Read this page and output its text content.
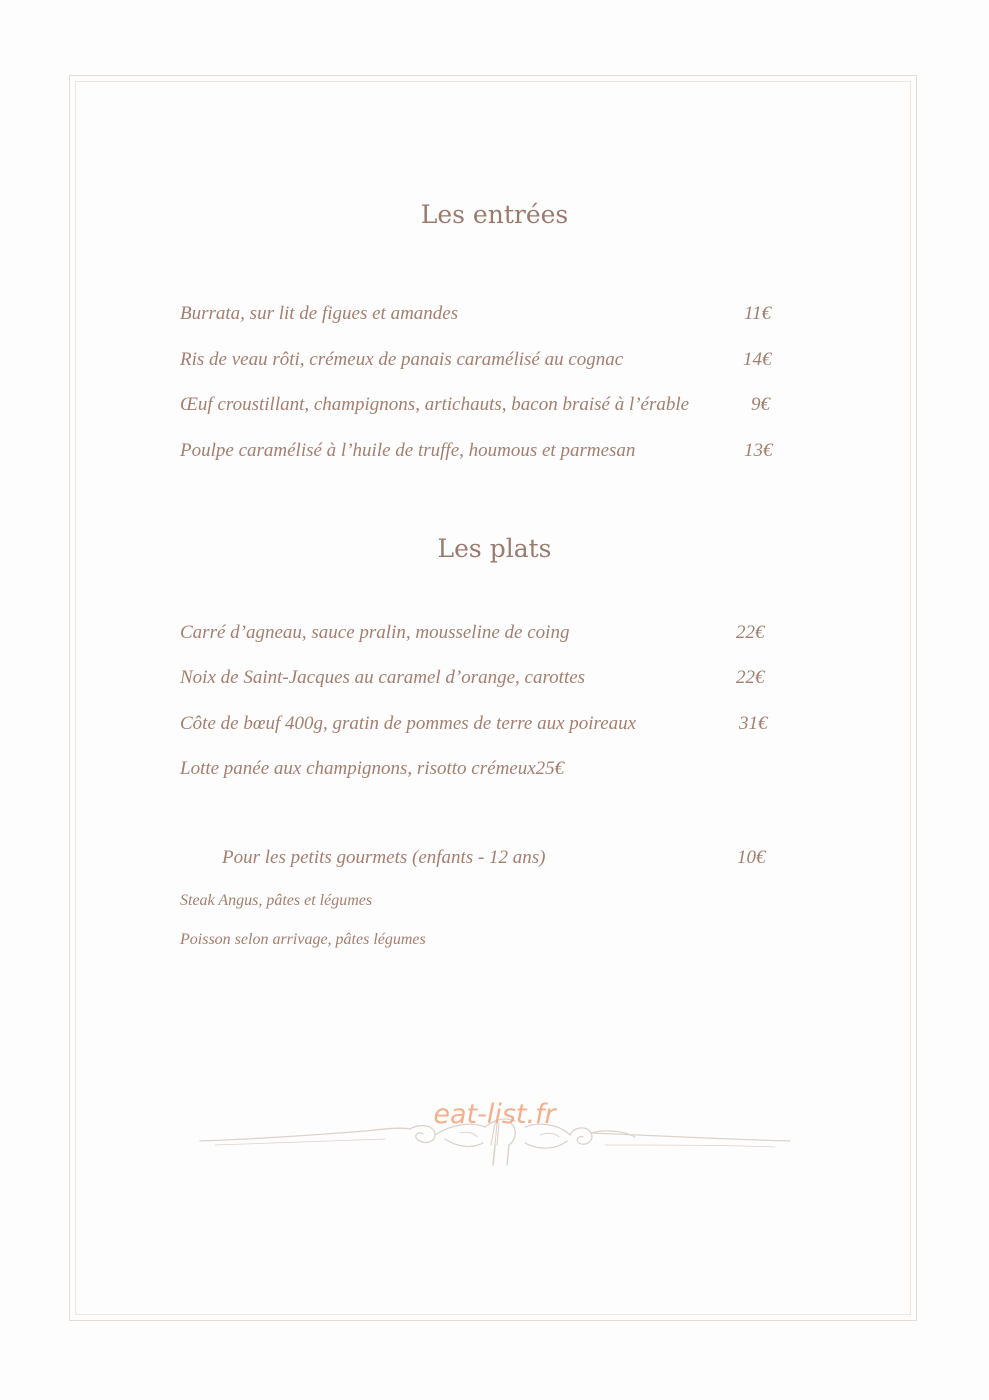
Les entrées
Burrata, sur lit de figues et amandes	11€
Ris de veau rôti, crémeux de panais caramélisé au cognac	14€
Œuf croustillant, champignons, artichauts, bacon braisé à l’érable	9€
Poulpe caramélisé à l’huile de truffe, houmous et parmesan	13€
Les plats
Carré d’agneau, sauce pralin, mousseline de coing	22€
Noix de Saint-Jacques au caramel d’orange, carottes	22€
Côte de bœuf 400g, gratin de pommes de terre aux poireaux	31€
Lotte panée aux champignons, risotto crémeux25€
Pour les petits gourmets (enfants - 12 ans)	10€
Steak Angus, pâtes et légumes
Poisson selon arrivage, pâtes légumes
eat-list.fr
